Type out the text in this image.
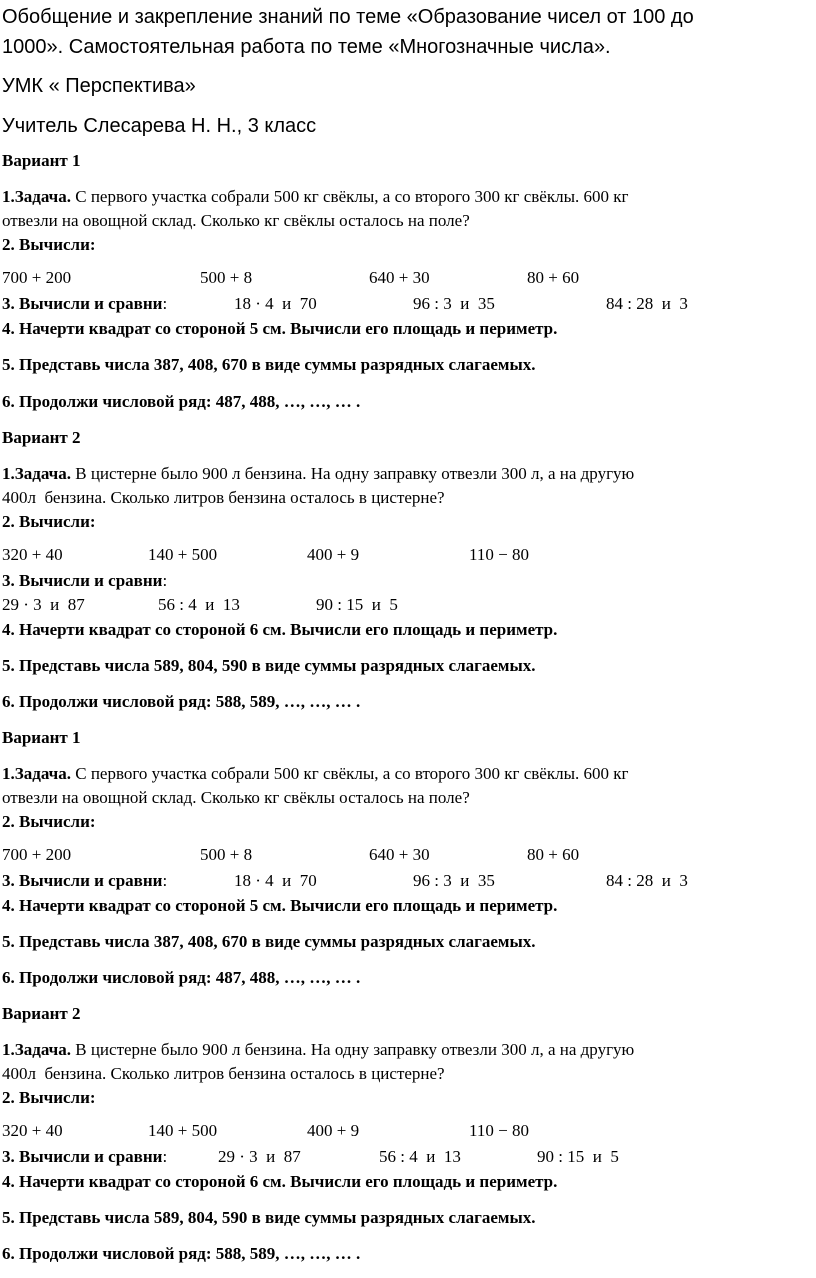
Обобщение и закрепление знаний по теме «Образование чисел от 100 до
1000». Самостоятельная работа по теме «Многозначные числа».
УМК « Перспектива»
Учитель Слесарева Н. Н., 3 класс
Вариант 1
1.Задача. С первого участка собрали 500 кг свёклы, а со второго 300 кг свёклы. 600 кг
отвезли на овощной склад. Сколько кг свёклы осталось на поле?
2. Вычисли:
700 + 200	500 + 8	640 + 30	80 + 60
3. Вычисли и сравни:	18 · 4  и  70	96 : 3  и  35	84 : 28  и  3
4. Начерти квадрат со стороной 5 см. Вычисли его площадь и периметр.
5. Представь числа 387, 408, 670 в виде суммы разрядных слагаемых.
6. Продолжи числовой ряд: 487, 488, …, …, … .
Вариант 2
1.Задача. В цистерне было 900 л бензина. На одну заправку отвезли 300 л, а на другую
400л  бензина. Сколько литров бензина осталось в цистерне?
2. Вычисли:
320 + 40	140 + 500	400 + 9	110 − 80
3. Вычисли и сравни:
29 · 3  и  87	56 : 4  и  13	90 : 15  и  5
4. Начерти квадрат со стороной 6 см. Вычисли его площадь и периметр.
5. Представь числа 589, 804, 590 в виде суммы разрядных слагаемых.
6. Продолжи числовой ряд: 588, 589, …, …, … .
Вариант 1
1.Задача. С первого участка собрали 500 кг свёклы, а со второго 300 кг свёклы. 600 кг
отвезли на овощной склад. Сколько кг свёклы осталось на поле?
2. Вычисли:
700 + 200	500 + 8	640 + 30	80 + 60
3. Вычисли и сравни:	18 · 4  и  70	96 : 3  и  35	84 : 28  и  3
4. Начерти квадрат со стороной 5 см. Вычисли его площадь и периметр.
5. Представь числа 387, 408, 670 в виде суммы разрядных слагаемых.
6. Продолжи числовой ряд: 487, 488, …, …, … .
Вариант 2
1.Задача. В цистерне было 900 л бензина. На одну заправку отвезли 300 л, а на другую
400л  бензина. Сколько литров бензина осталось в цистерне?
2. Вычисли:
320 + 40	140 + 500	400 + 9	110 − 80
3. Вычисли и сравни:	29 · 3  и  87	56 : 4  и  13	90 : 15  и  5
4. Начерти квадрат со стороной 6 см. Вычисли его площадь и периметр.
5. Представь числа 589, 804, 590 в виде суммы разрядных слагаемых.
6. Продолжи числовой ряд: 588, 589, …, …, … .
